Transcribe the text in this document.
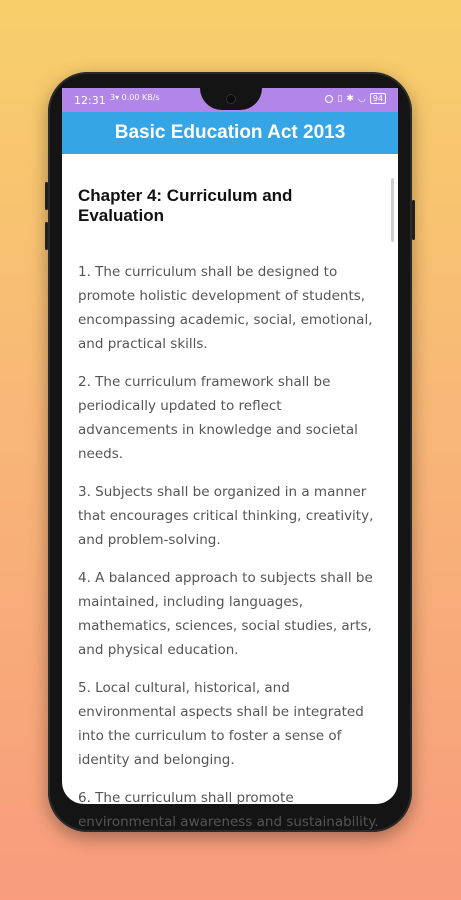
12:31 3▾ 0.00 KB/s	▯ ✱ ◡ 94
Basic Education Act 2013
Chapter 4: Curriculum and Evaluation

1. The curriculum shall be designed to promote holistic development of students, encompassing academic, social, emotional, and practical skills.

2. The curriculum framework shall be periodically updated to reflect advancements in knowledge and societal needs.

3. Subjects shall be organized in a manner that encourages critical thinking, creativity, and problem-solving.

4. A balanced approach to subjects shall be maintained, including languages, mathematics, sciences, social studies, arts, and physical education.

5. Local cultural, historical, and environmental aspects shall be integrated into the curriculum to foster a sense of identity and belonging.

6. The curriculum shall promote environmental awareness and sustainability.
